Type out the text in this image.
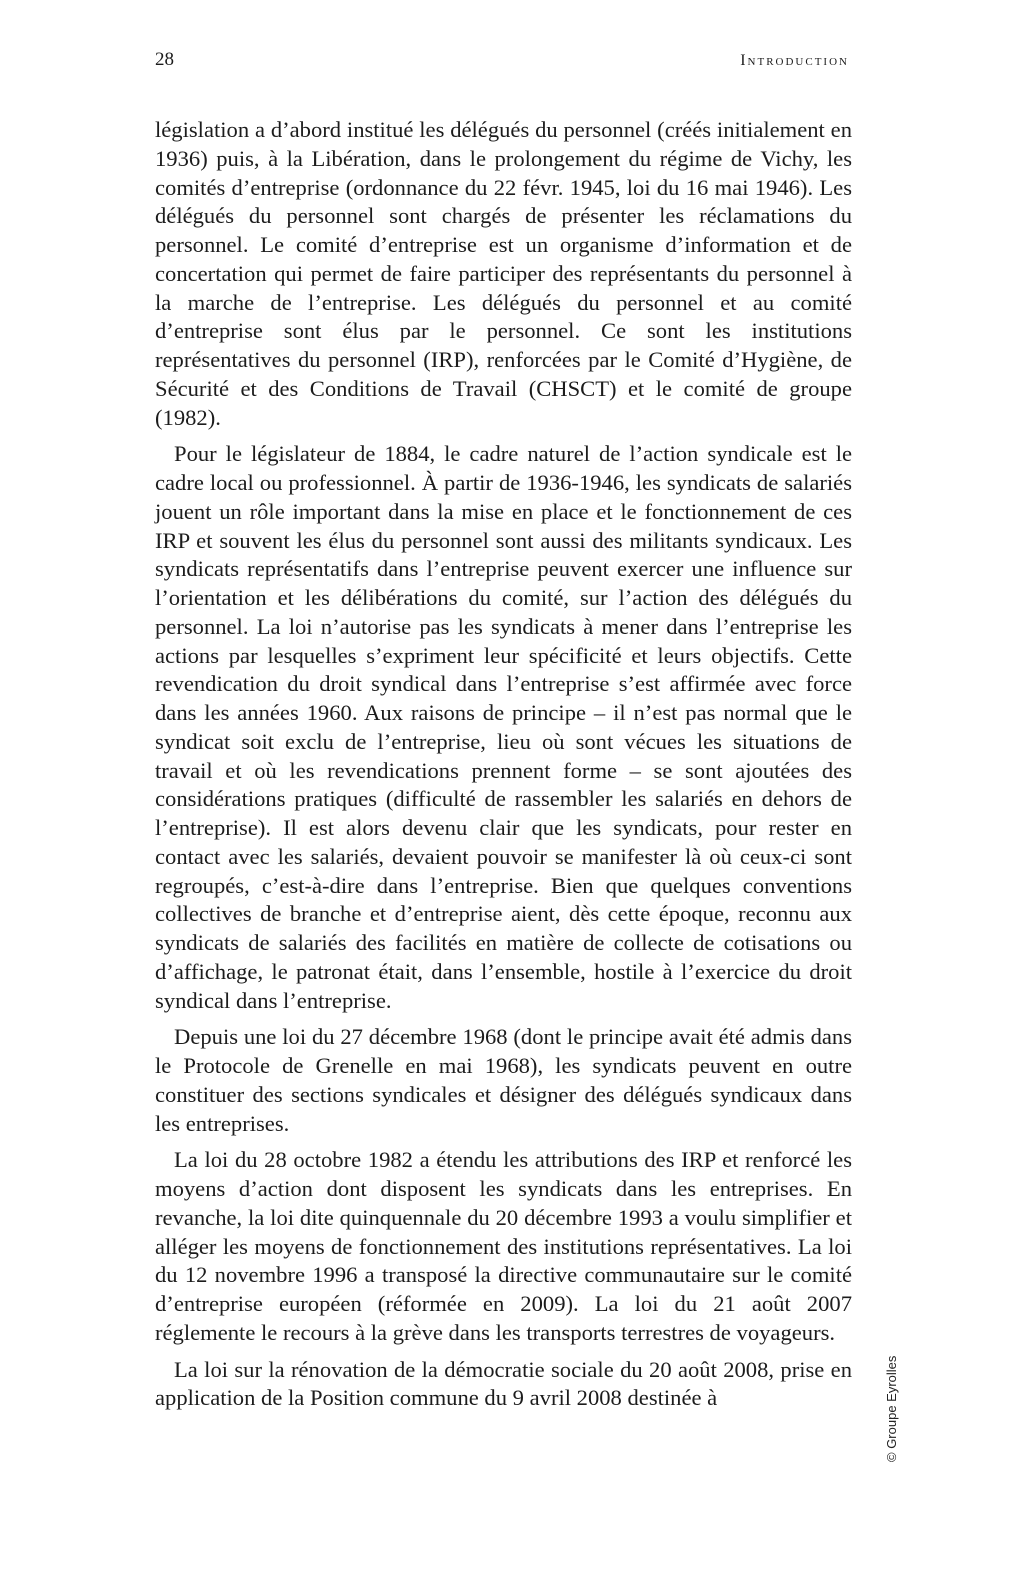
28	Introduction

législation a d’abord institué les délégués du personnel (créés initialement en 1936) puis, à la Libération, dans le prolongement du régime de Vichy, les comités d’entreprise (ordonnance du 22 févr. 1945, loi du 16 mai 1946). Les délégués du personnel sont chargés de présenter les réclamations du personnel. Le comité d’entreprise est un organisme d’information et de concertation qui permet de faire participer des représentants du personnel à la marche de l’entreprise. Les délégués du personnel et au comité d’entreprise sont élus par le personnel. Ce sont les institutions représentatives du personnel (IRP), renforcées par le Comité d’Hygiène, de Sécurité et des Conditions de Travail (CHSCT) et le comité de groupe (1982).

Pour le législateur de 1884, le cadre naturel de l’action syndicale est le cadre local ou professionnel. À partir de 1936-1946, les syndicats de salariés jouent un rôle important dans la mise en place et le fonctionnement de ces IRP et souvent les élus du personnel sont aussi des militants syndicaux. Les syndicats représentatifs dans l’entreprise peuvent exercer une influence sur l’orientation et les délibérations du comité, sur l’action des délégués du personnel. La loi n’autorise pas les syndicats à mener dans l’entreprise les actions par lesquelles s’expriment leur spécificité et leurs objectifs. Cette revendication du droit syndical dans l’entreprise s’est affirmée avec force dans les années 1960. Aux raisons de principe – il n’est pas normal que le syndicat soit exclu de l’entreprise, lieu où sont vécues les situations de travail et où les revendications prennent forme – se sont ajoutées des considérations pratiques (difficulté de rassembler les salariés en dehors de l’entreprise). Il est alors devenu clair que les syndicats, pour rester en contact avec les salariés, devaient pouvoir se manifester là où ceux-ci sont regroupés, c’est-à-dire dans l’entreprise. Bien que quelques conventions collectives de branche et d’entreprise aient, dès cette époque, reconnu aux syndicats de salariés des facilités en matière de collecte de cotisations ou d’affichage, le patronat était, dans l’ensemble, hostile à l’exercice du droit syndical dans l’entreprise.

Depuis une loi du 27 décembre 1968 (dont le principe avait été admis dans le Protocole de Grenelle en mai 1968), les syndicats peuvent en outre constituer des sections syndicales et désigner des délégués syndicaux dans les entreprises.

La loi du 28 octobre 1982 a étendu les attributions des IRP et renforcé les moyens d’action dont disposent les syndicats dans les entreprises. En revanche, la loi dite quinquennale du 20 décembre 1993 a voulu simplifier et alléger les moyens de fonctionnement des institutions représentatives. La loi du 12 novembre 1996 a transposé la directive communautaire sur le comité d’entreprise européen (réformée en 2009). La loi du 21 août 2007 réglemente le recours à la grève dans les transports terrestres de voyageurs.

La loi sur la rénovation de la démocratie sociale du 20 août 2008, prise en application de la Position commune du 9 avril 2008 destinée à	© Groupe Eyrolles
